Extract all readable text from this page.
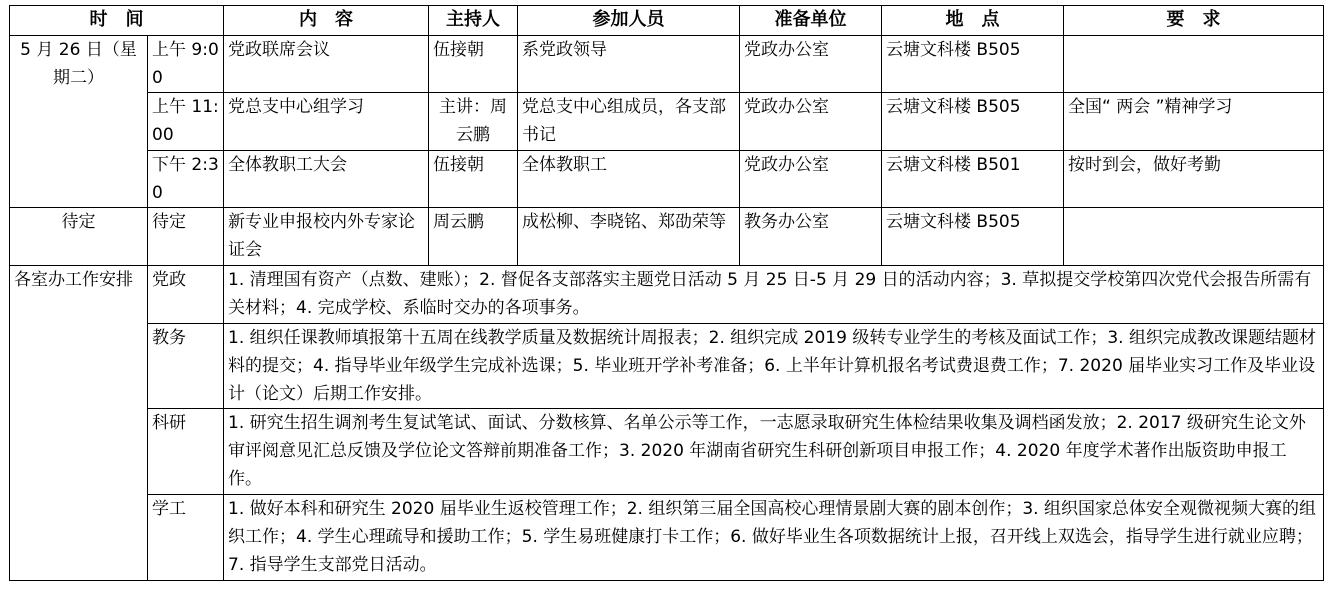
时　间		内　容	主持人	参加人员	准备单位	地　点	要　求
5 月 26 日（星期二）	上午 9:00	党政联席会议	伍接朝	系党政领导	党政办公室	云塘文科楼 B505	
	上午 11:00	党总支中心组学习	主讲：周云鹏	党总支中心组成员，各支部书记	党政办公室	云塘文科楼 B505	全国“ 两会 ”精神学习
	下午 2:30	全体教职工大会	伍接朝	全体教职工	党政办公室	云塘文科楼 B501	按时到会，做好考勤
待定	待定	新专业申报校内外专家论证会	周云鹏	成松柳、李晓铭、郑劭荣等	教务办公室	云塘文科楼 B505	
各室办工作安排	党政	1. 清理国有资产（点数、建账）；2. 督促各支部落实主题党日活动 5 月 25 日-5 月 29 日的活动内容；3. 草拟提交学校第四次党代会报告所需有关材料；4. 完成学校、系临时交办的各项事务。					
	教务	1. 组织任课教师填报第十五周在线教学质量及数据统计周报表；2. 组织完成 2019 级转专业学生的考核及面试工作；3. 组织完成教改课题结题材料的提交；4. 指导毕业年级学生完成补选课；5. 毕业班开学补考准备；6. 上半年计算机报名考试费退费工作；7. 2020 届毕业实习工作及毕业设计（论文）后期工作安排。					
	科研	1. 研究生招生调剂考生复试笔试、面试、分数核算、名单公示等工作，一志愿录取研究生体检结果收集及调档函发放；2. 2017 级研究生论文外审评阅意见汇总反馈及学位论文答辩前期准备工作；3. 2020 年湖南省研究生科研创新项目申报工作；4. 2020 年度学术著作出版资助申报工作。					
	学工	1. 做好本科和研究生 2020 届毕业生返校管理工作；2. 组织第三届全国高校心理情景剧大赛的剧本创作；3. 组织国家总体安全观微视频大赛的组织工作；4. 学生心理疏导和援助工作；5. 学生易班健康打卡工作；6. 做好毕业生各项数据统计上报，召开线上双选会，指导学生进行就业应聘；7. 指导学生支部党日活动。					
